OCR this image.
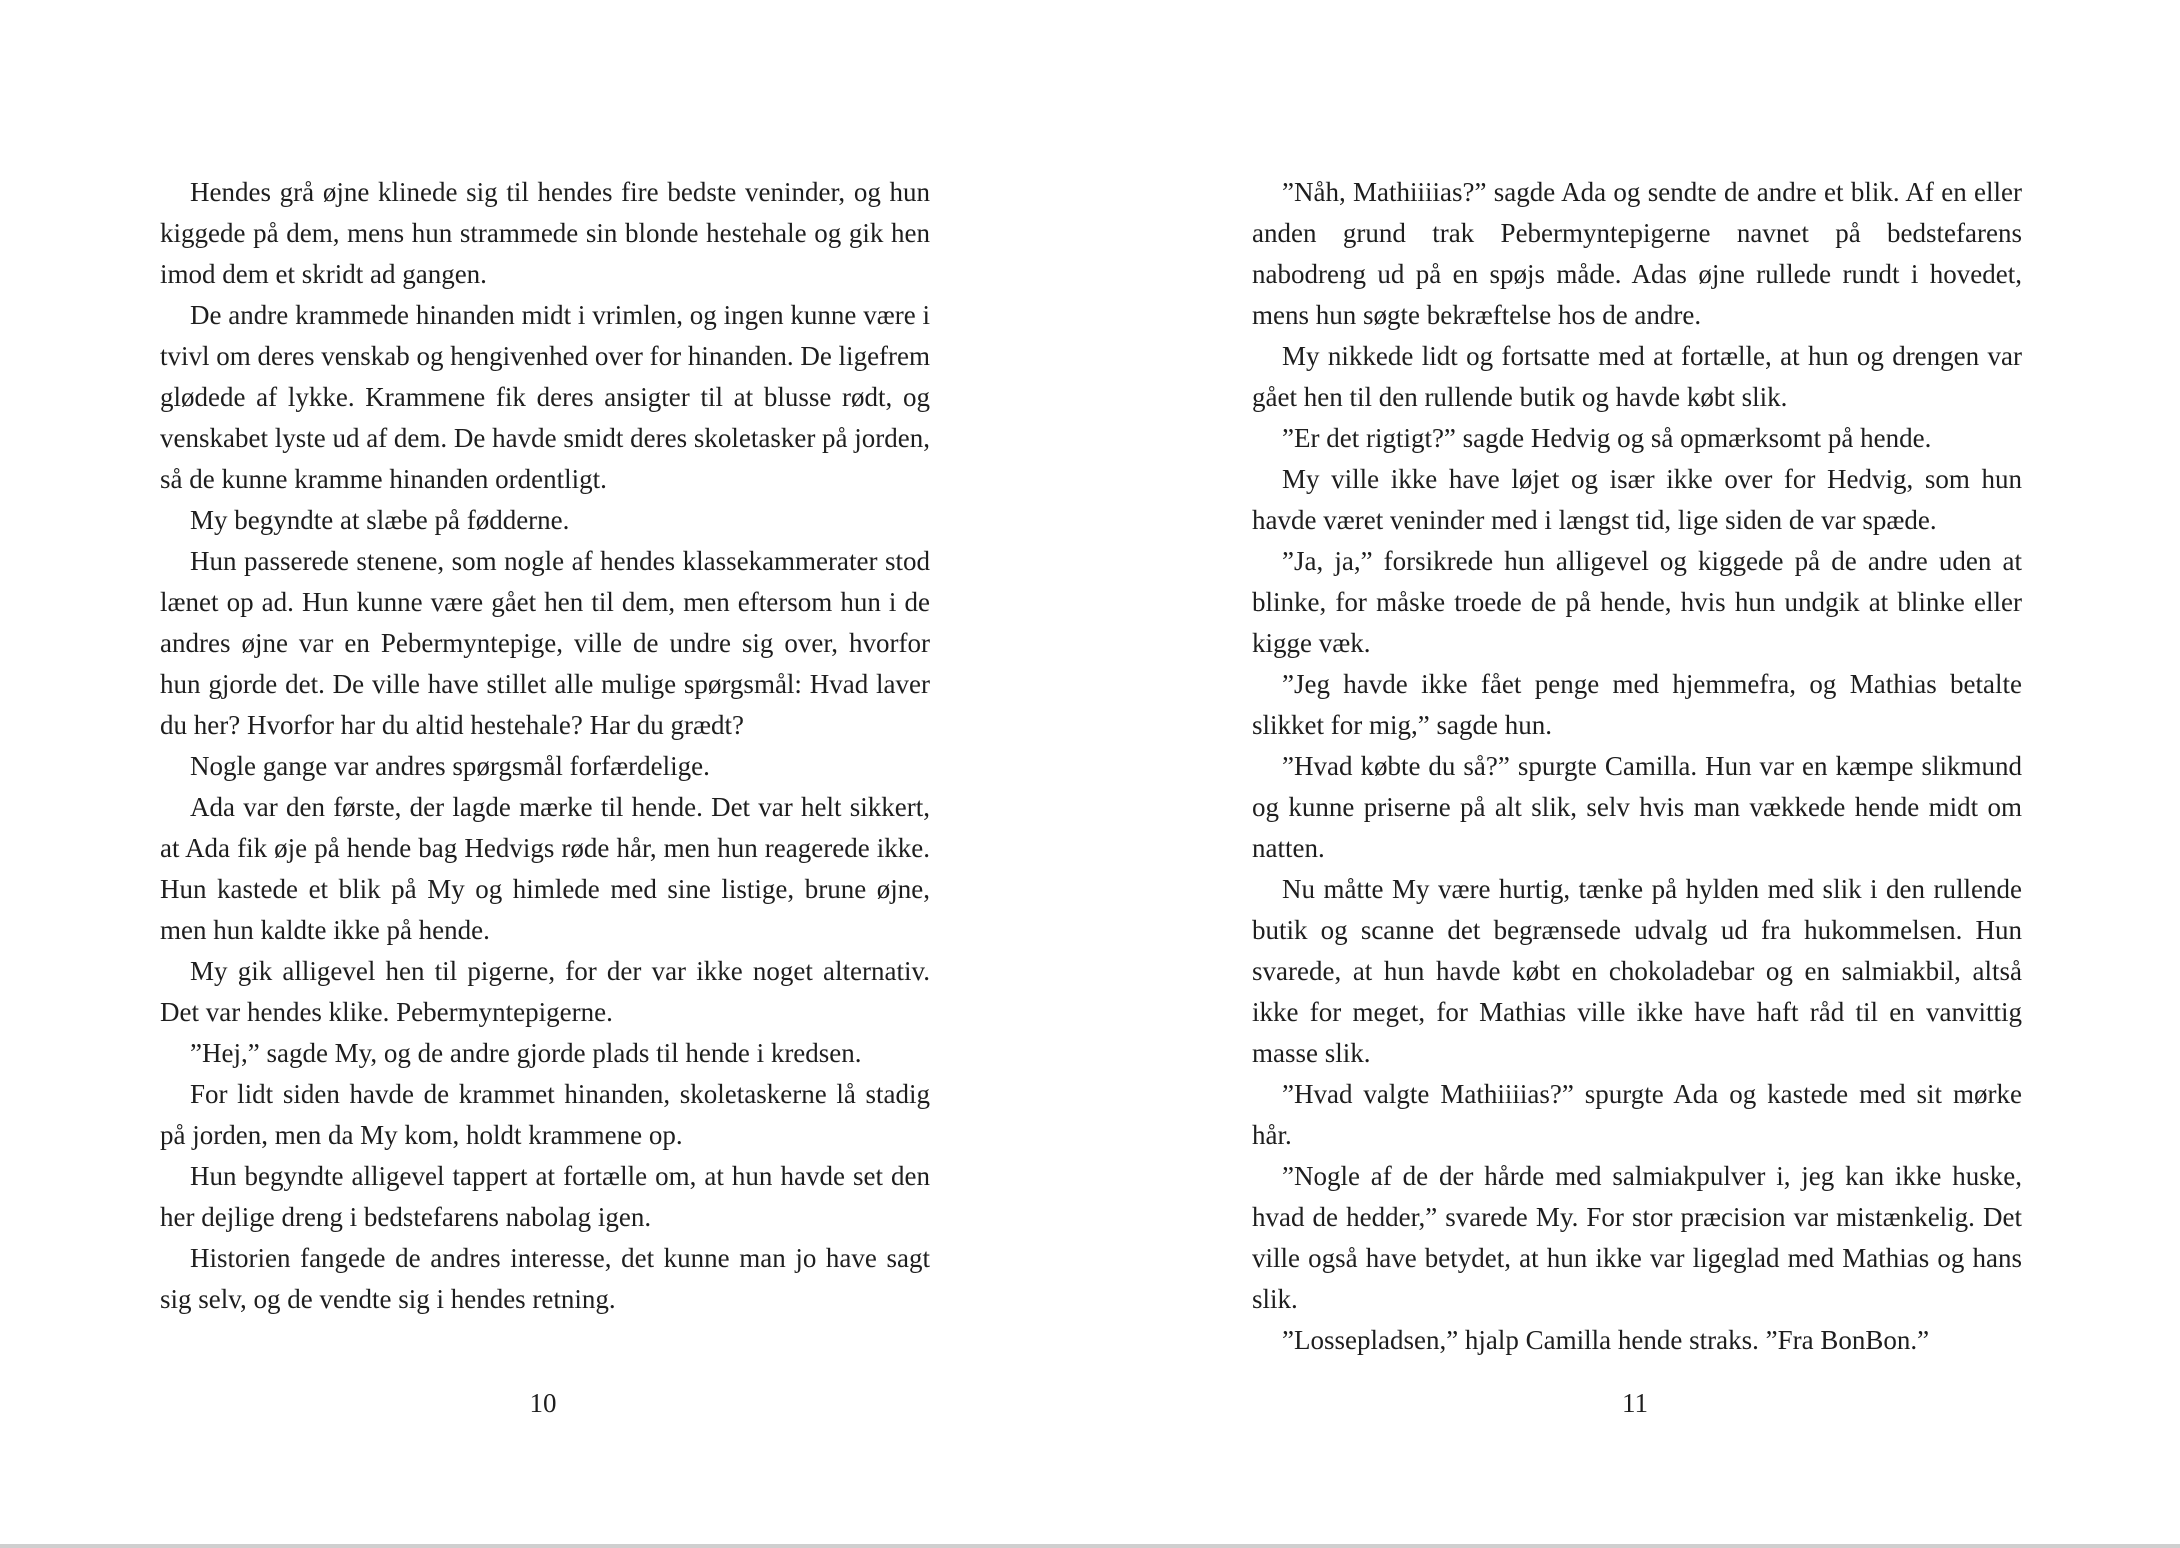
Hendes grå øjne klinede sig til hendes fire bedste veninder, og hun kiggede på dem, mens hun strammede sin blonde hestehale og gik hen imod dem et skridt ad gangen.

De andre krammede hinanden midt i vrimlen, og ingen kunne være i tvivl om deres venskab og hengivenhed over for hinanden. De ligefrem glødede af lykke. Krammene fik deres ansigter til at blusse rødt, og venskabet lyste ud af dem. De havde smidt deres skoletasker på jorden, så de kunne kramme hinanden ordentligt.

My begyndte at slæbe på fødderne.

Hun passerede stenene, som nogle af hendes klassekammerater stod lænet op ad. Hun kunne være gået hen til dem, men eftersom hun i de andres øjne var en Pebermyntepige, ville de undre sig over, hvorfor hun gjorde det. De ville have stillet alle mulige spørgsmål: Hvad laver du her? Hvorfor har du altid hestehale? Har du grædt?

Nogle gange var andres spørgsmål forfærdelige.

Ada var den første, der lagde mærke til hende. Det var helt sikkert, at Ada fik øje på hende bag Hedvigs røde hår, men hun reagerede ikke. Hun kastede et blik på My og himlede med sine listige, brune øjne, men hun kaldte ikke på hende.

My gik alligevel hen til pigerne, for der var ikke noget alternativ. Det var hendes klike. Pebermyntepigerne.

”Hej,” sagde My, og de andre gjorde plads til hende i kredsen.

For lidt siden havde de krammet hinanden, skoletaskerne lå stadig på jorden, men da My kom, holdt krammene op.

Hun begyndte alligevel tappert at fortælle om, at hun havde set den her dejlige dreng i bedstefarens nabolag igen.

Historien fangede de andres interesse, det kunne man jo have sagt sig selv, og de vendte sig i hendes retning.

10

”Nåh, Mathiiiias?” sagde Ada og sendte de andre et blik. Af en eller anden grund trak Pebermyntepigerne navnet på bedstefarens nabodreng ud på en spøjs måde. Adas øjne rullede rundt i hovedet, mens hun søgte bekræftelse hos de andre.

My nikkede lidt og fortsatte med at fortælle, at hun og drengen var gået hen til den rullende butik og havde købt slik.

”Er det rigtigt?” sagde Hedvig og så opmærksomt på hende.

My ville ikke have løjet og især ikke over for Hedvig, som hun havde været veninder med i længst tid, lige siden de var spæde.

”Ja, ja,” forsikrede hun alligevel og kiggede på de andre uden at blinke, for måske troede de på hende, hvis hun undgik at blinke eller kigge væk.

”Jeg havde ikke fået penge med hjemmefra, og Mathias betalte slikket for mig,” sagde hun.

”Hvad købte du så?” spurgte Camilla. Hun var en kæmpe slikmund og kunne priserne på alt slik, selv hvis man vækkede hende midt om natten.

Nu måtte My være hurtig, tænke på hylden med slik i den rullende butik og scanne det begrænsede udvalg ud fra hukommelsen. Hun svarede, at hun havde købt en chokoladebar og en salmiakbil, altså ikke for meget, for Mathias ville ikke have haft råd til en vanvittig masse slik.

”Hvad valgte Mathiiiias?” spurgte Ada og kastede med sit mørke hår.

”Nogle af de der hårde med salmiakpulver i, jeg kan ikke huske, hvad de hedder,” svarede My. For stor præcision var mistænkelig. Det ville også have betydet, at hun ikke var ligeglad med Mathias og hans slik.

”Lossepladsen,” hjalp Camilla hende straks. ”Fra BonBon.”

11
